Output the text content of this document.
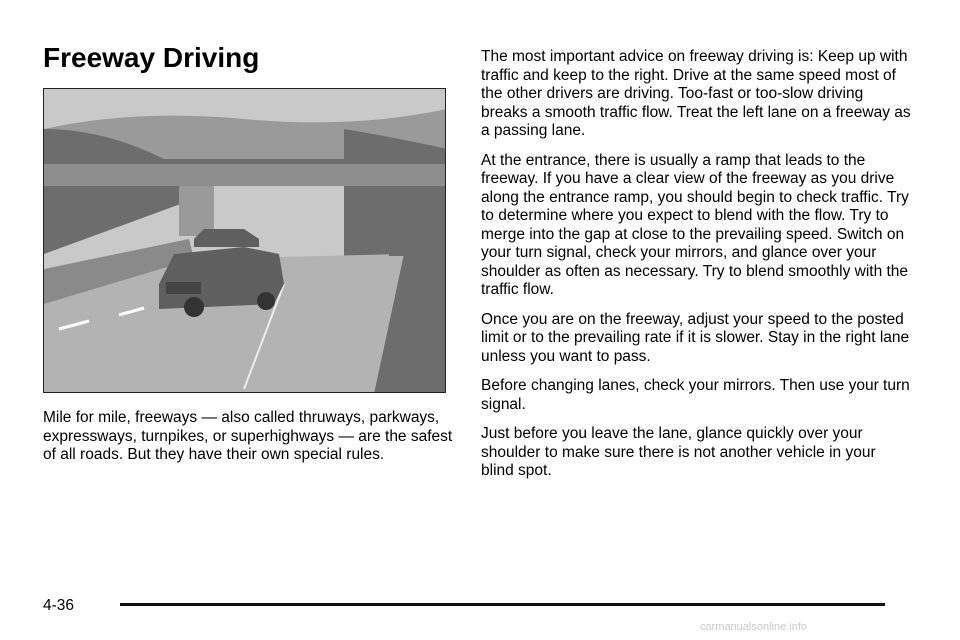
Freeway Driving

Mile for mile, freeways — also called thruways, parkways, expressways, turnpikes, or superhighways — are the safest of all roads. But they have their own special rules.

The most important advice on freeway driving is: Keep up with traffic and keep to the right. Drive at the same speed most of the other drivers are driving. Too-fast or too-slow driving breaks a smooth traffic flow. Treat the left lane on a freeway as a passing lane.

At the entrance, there is usually a ramp that leads to the freeway. If you have a clear view of the freeway as you drive along the entrance ramp, you should begin to check traffic. Try to determine where you expect to blend with the flow. Try to merge into the gap at close to the prevailing speed. Switch on your turn signal, check your mirrors, and glance over your shoulder as often as necessary. Try to blend smoothly with the traffic flow.

Once you are on the freeway, adjust your speed to the posted limit or to the prevailing rate if it is slower. Stay in the right lane unless you want to pass.

Before changing lanes, check your mirrors. Then use your turn signal.

Just before you leave the lane, glance quickly over your shoulder to make sure there is not another vehicle in your blind spot.

4-36
carmanualsonline.info
